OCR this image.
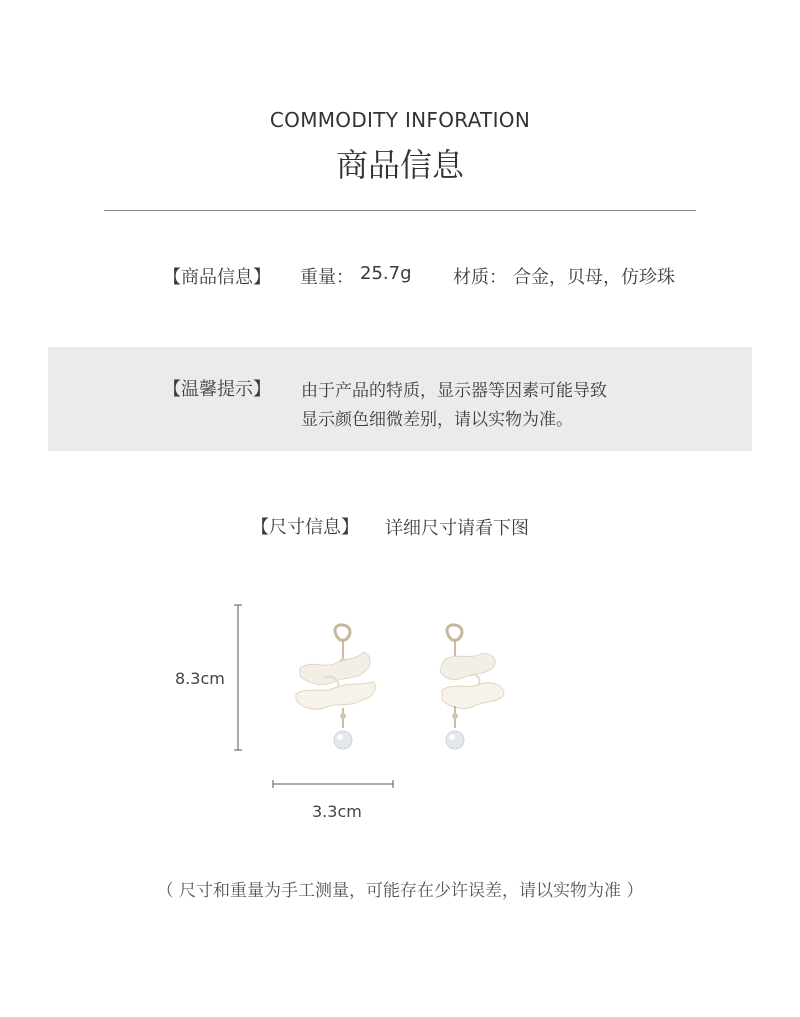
COMMODITY INFORATION
商品信息
【商品信息】 重量： 25.7g 材质： 合金，贝母，仿珍珠
【温馨提示】 由于产品的特质，显示器等因素可能导致
显示颜色细微差别，请以实物为准。
【尺寸信息】 详细尺寸请看下图
8.3cm
3.3cm
（ 尺寸和重量为手工测量，可能存在少许误差，请以实物为准 ）
